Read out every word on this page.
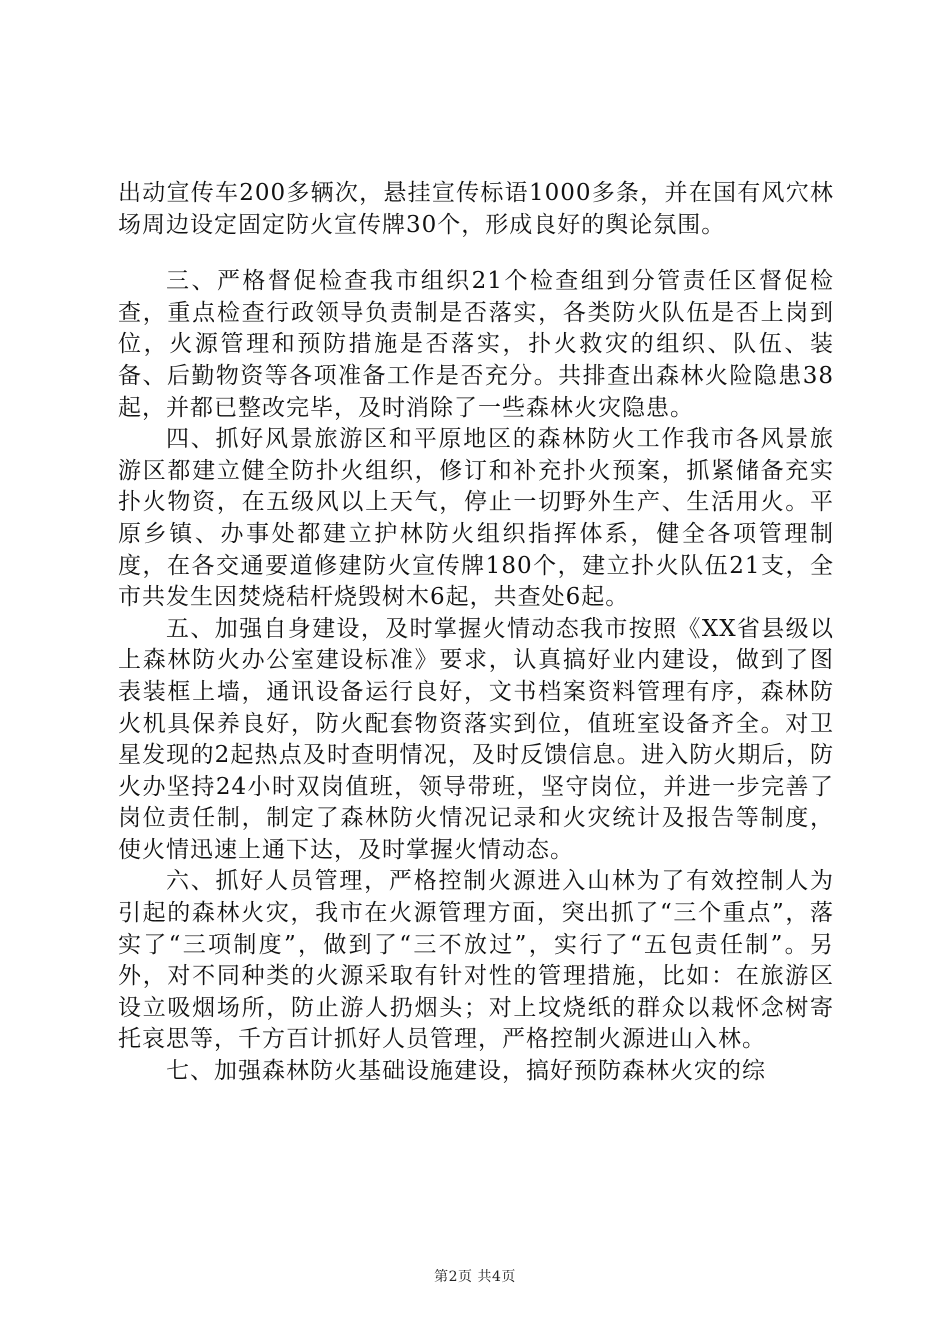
出动宣传车200多辆次，悬挂宣传标语1000多条，并在国有风穴林场周边设定固定防火宣传牌30个，形成良好的舆论氛围。

三、严格督促检查我市组织21个检查组到分管责任区督促检查，重点检查行政领导负责制是否落实，各类防火队伍是否上岗到位，火源管理和预防措施是否落实，扑火救灾的组织、队伍、装备、后勤物资等各项准备工作是否充分。共排查出森林火险隐患38起，并都已整改完毕，及时消除了一些森林火灾隐患。

四、抓好风景旅游区和平原地区的森林防火工作我市各风景旅游区都建立健全防扑火组织，修订和补充扑火预案，抓紧储备充实扑火物资，在五级风以上天气，停止一切野外生产、生活用火。平原乡镇、办事处都建立护林防火组织指挥体系，健全各项管理制度，在各交通要道修建防火宣传牌180个，建立扑火队伍21支，全市共发生因焚烧秸杆烧毁树木6起，共查处6起。

五、加强自身建设，及时掌握火情动态我市按照《XX省县级以上森林防火办公室建设标准》要求，认真搞好业内建设，做到了图表装框上墙，通讯设备运行良好，文书档案资料管理有序，森林防火机具保养良好，防火配套物资落实到位，值班室设备齐全。对卫星发现的2起热点及时查明情况，及时反馈信息。进入防火期后，防火办坚持24小时双岗值班，领导带班，坚守岗位，并进一步完善了岗位责任制，制定了森林防火情况记录和火灾统计及报告等制度，使火情迅速上通下达，及时掌握火情动态。

六、抓好人员管理，严格控制火源进入山林为了有效控制人为引起的森林火灾，我市在火源管理方面，突出抓了“三个重点”，落实了“三项制度”，做到了“三不放过”，实行了“五包责任制”。另外，对不同种类的火源采取有针对性的管理措施，比如：在旅游区设立吸烟场所，防止游人扔烟头；对上坟烧纸的群众以栽怀念树寄托哀思等，千方百计抓好人员管理，严格控制火源进山入林。

七、加强森林防火基础设施建设，搞好预防森林火灾的综

第2页 共4页
